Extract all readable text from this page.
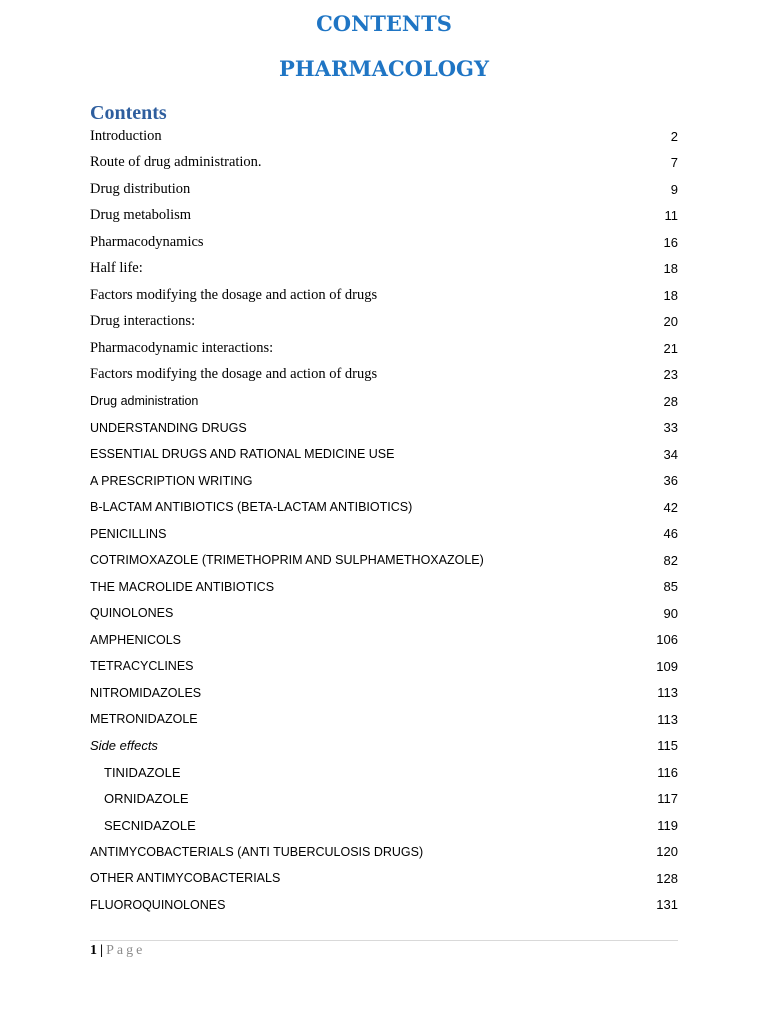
CONTENTS
PHARMACOLOGY
Contents
Introduction	2
Route of drug administration.	7
Drug distribution	9
Drug metabolism	11
Pharmacodynamics	16
Half life:	18
Factors modifying the dosage and action of drugs	18
Drug interactions:	20
Pharmacodynamic interactions:	21
Factors modifying the dosage and action of drugs	23
Drug administration	28
UNDERSTANDING DRUGS	33
ESSENTIAL DRUGS AND RATIONAL MEDICINE USE	34
A PRESCRIPTION WRITING	36
B-LACTAM ANTIBIOTICS (BETA-LACTAM ANTIBIOTICS)	42
PENICILLINS	46
COTRIMOXAZOLE (TRIMETHOPRIM AND SULPHAMETHOXAZOLE)	82
THE MACROLIDE ANTIBIOTICS	85
QUINOLONES	90
AMPHENICOLS	106
TETRACYCLINES	109
NITROMIDAZOLES	113
METRONIDAZOLE	113
Side effects	115
TINIDAZOLE	116
ORNIDAZOLE	117
SECNIDAZOLE	119
ANTIMYCOBACTERIALS (ANTI TUBERCULOSIS DRUGS)	120
OTHER ANTIMYCOBACTERIALS	128
FLUOROQUINOLONES	131
1 | Page
